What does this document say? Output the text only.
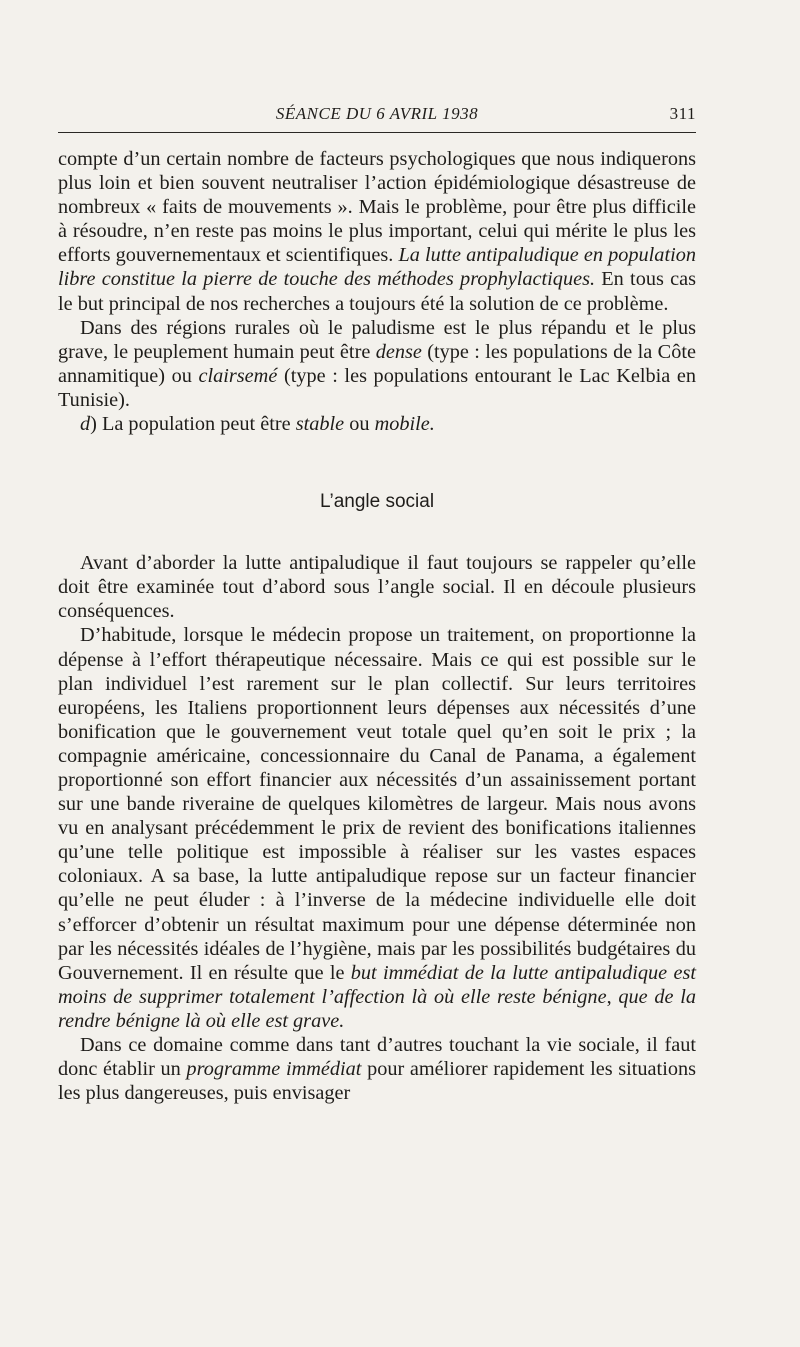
SÉANCE DU 6 AVRIL 1938	311

compte d’un certain nombre de facteurs psychologiques que nous indiquerons plus loin et bien souvent neutraliser l’action épidémiologique désastreuse de nombreux « faits de mouvements ». Mais le problème, pour être plus difficile à résoudre, n’en reste pas moins le plus important, celui qui mérite le plus les efforts gouvernementaux et scientifiques. La lutte antipaludique en population libre constitue la pierre de touche des méthodes prophylactiques. En tous cas le but principal de nos recherches a toujours été la solution de ce problème.

Dans des régions rurales où le paludisme est le plus répandu et le plus grave, le peuplement humain peut être dense (type : les populations de la Côte annamitique) ou clairsemé (type : les populations entourant le Lac Kelbia en Tunisie).

d) La population peut être stable ou mobile.

L’angle social

Avant d’aborder la lutte antipaludique il faut toujours se rappeler qu’elle doit être examinée tout d’abord sous l’angle social. Il en découle plusieurs conséquences.

D’habitude, lorsque le médecin propose un traitement, on proportionne la dépense à l’effort thérapeutique nécessaire. Mais ce qui est possible sur le plan individuel l’est rarement sur le plan collectif. Sur leurs territoires européens, les Italiens proportionnent leurs dépenses aux nécessités d’une bonification que le gouvernement veut totale quel qu’en soit le prix ; la compagnie américaine, concessionnaire du Canal de Panama, a également proportionné son effort financier aux nécessités d’un assainissement portant sur une bande riveraine de quelques kilomètres de largeur. Mais nous avons vu en analysant précédemment le prix de revient des bonifications italiennes qu’une telle politique est impossible à réaliser sur les vastes espaces coloniaux. A sa base, la lutte antipaludique repose sur un facteur financier qu’elle ne peut éluder : à l’inverse de la médecine individuelle elle doit s’efforcer d’obtenir un résultat maximum pour une dépense déterminée non par les nécessités idéales de l’hygiène, mais par les possibilités budgétaires du Gouvernement. Il en résulte que le but immédiat de la lutte antipaludique est moins de supprimer totalement l’affection là où elle reste bénigne, que de la rendre bénigne là où elle est grave.

Dans ce domaine comme dans tant d’autres touchant la vie sociale, il faut donc établir un programme immédiat pour améliorer rapidement les situations les plus dangereuses, puis envisager
